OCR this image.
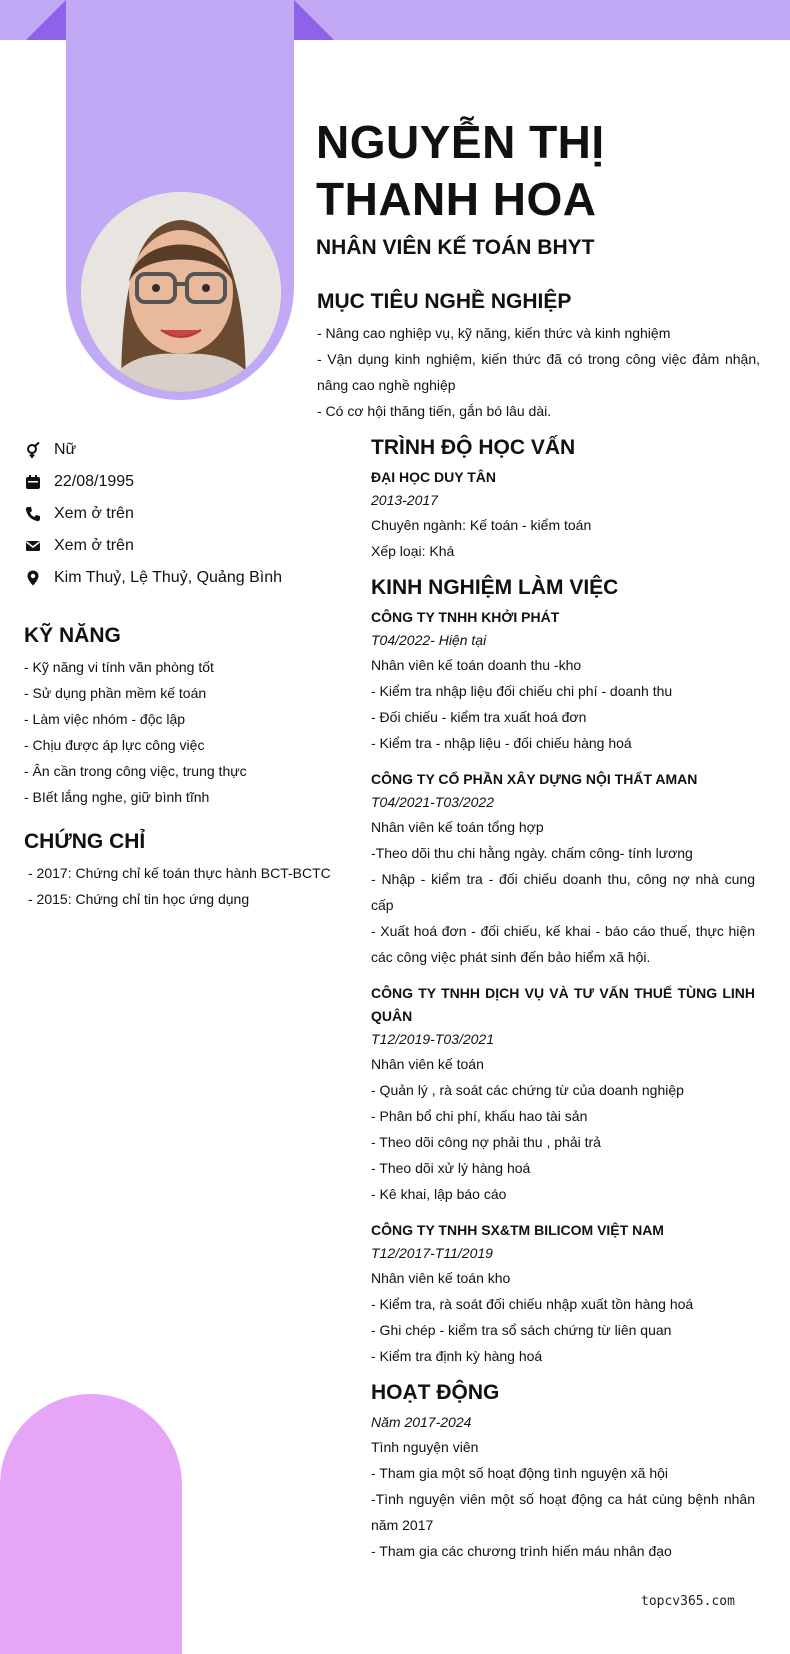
NGUYỄN THỊ THANH HOA
NHÂN VIÊN KẾ TOÁN BHYT
MỤC TIÊU NGHỀ NGHIỆP

- Nâng cao nghiệp vụ, kỹ năng, kiến thức và kinh nghiệm

- Vận dụng kinh nghiệm, kiến thức đã có trong công việc đảm nhận, nâng cao nghề nghiệp

- Có cơ hội thăng tiến, gắn bó lâu dài.

Nữ
22/08/1995
Xem ở trên
Xem ở trên
Kim Thuỷ, Lệ Thuỷ, Quảng Bình
KỸ NĂNG

- Kỹ năng vi tính văn phòng tốt

- Sử dụng phần mềm kế toán

- Làm việc nhóm - độc lập

- Chịu được áp lực công việc

- Ân cần trong công việc, trung thực

- BIết lắng nghe, giữ bình tĩnh

CHỨNG CHỈ

- 2017: Chứng chỉ kế toán thực hành BCT-BCTC

- 2015: Chứng chỉ tin học ứng dụng

TRÌNH ĐỘ HỌC VẤN

ĐẠI HỌC DUY TÂN

2013-2017

Chuyên ngành: Kế toán - kiểm toán

Xếp loại: Khá

KINH NGHIỆM LÀM VIỆC

CÔNG TY TNHH KHỞI PHÁT

T04/2022- Hiện tại

Nhân viên kế toán doanh thu -kho

- Kiểm tra nhập liệu đối chiếu chi phí - doanh thu

- Đối chiếu - kiểm tra xuất hoá đơn

- Kiểm tra - nhập liệu - đối chiếu hàng hoá

CÔNG TY CỔ PHẦN XÂY DỰNG NỘI THẤT AMAN

T04/2021-T03/2022

Nhân viên kế toán tổng hợp

-Theo dõi thu chi hằng ngày. chấm công- tính lương

- Nhập - kiểm tra - đối chiếu doanh thu, công nợ nhà cung cấp

- Xuất hoá đơn - đối chiếu, kế khai - báo cáo thuế, thực hiện các công việc phát sinh đến bảo hiểm xã hội.

CÔNG TY TNHH DỊCH VỤ VÀ TƯ VẤN THUẾ TÙNG LINH QUÂN

T12/2019-T03/2021

Nhân viên kế toán

- Quản lý , rà soát các chứng từ của doanh nghiệp

- Phân bổ chi phí, khấu hao tài sản

- Theo dõi công nợ phải thu , phải trả

- Theo dõi xử lý hàng hoá

- Kê khai, lập báo cáo

CÔNG TY TNHH SX&TM BILICOM VIỆT NAM

T12/2017-T11/2019

Nhân viên kế toán kho

- Kiểm tra, rà soát đối chiếu nhập xuất tồn hàng hoá

- Ghi chép - kiểm tra sổ sách chứng từ liên quan

- Kiểm tra định kỳ hàng hoá

HOẠT ĐỘNG

Năm 2017-2024

Tình nguyện viên

- Tham gia một số hoạt động tình nguyện xã hội

-Tình nguyện viên một số hoạt động ca hát cùng bệnh nhân năm 2017

- Tham gia các chương trình hiến máu nhân đạo

topcv365.com
